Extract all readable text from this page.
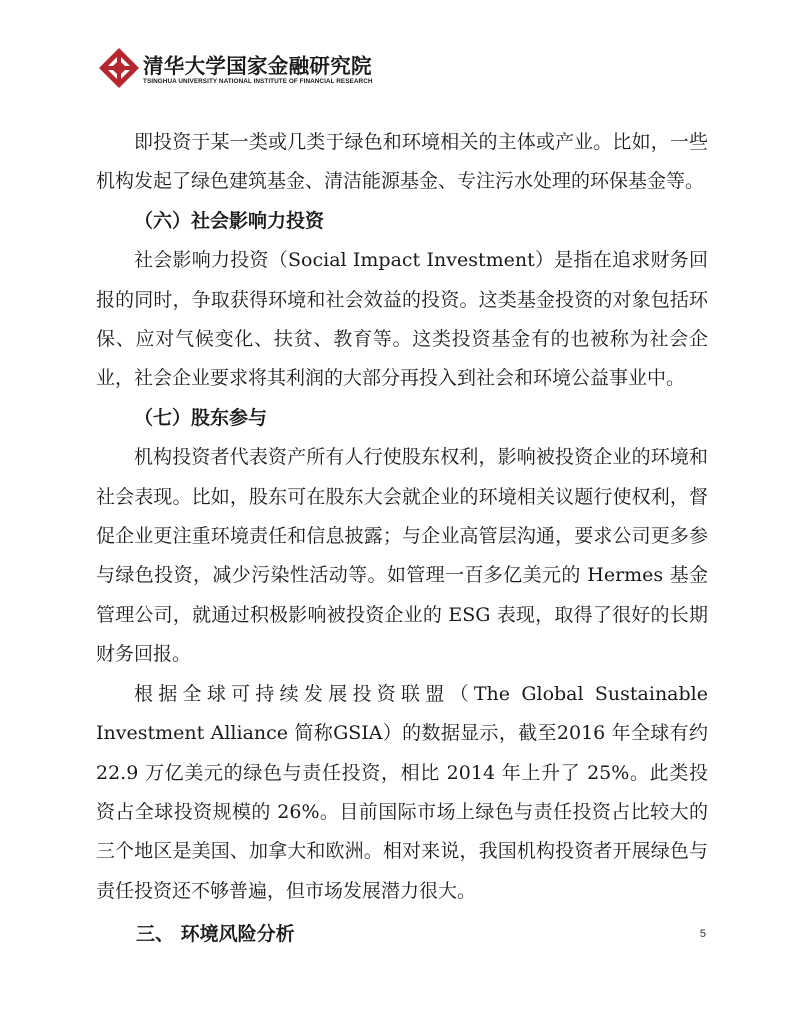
清华大学国家金融研究院
TSINGHUA UNIVERSITY NATIONAL INSTITUTE OF FINANCIAL RESEARCH

即投资于某一类或几类于绿色和环境相关的主体或产业。比如，一些机构发起了绿色建筑基金、清洁能源基金、专注污水处理的环保基金等。

（六）社会影响力投资

社会影响力投资（Social Impact Investment）是指在追求财务回报的同时，争取获得环境和社会效益的投资。这类基金投资的对象包括环保、应对气候变化、扶贫、教育等。这类投资基金有的也被称为社会企业，社会企业要求将其利润的大部分再投入到社会和环境公益事业中。

（七）股东参与

机构投资者代表资产所有人行使股东权利，影响被投资企业的环境和社会表现。比如，股东可在股东大会就企业的环境相关议题行使权利，督促企业更注重环境责任和信息披露；与企业高管层沟通，要求公司更多参与绿色投资，减少污染性活动等。如管理一百多亿美元的 Hermes 基金管理公司，就通过积极影响被投资企业的 ESG 表现，取得了很好的长期财务回报。

根据全球可持续发展投资联盟（The Global Sustainable Investment Alliance 简称GSIA）的数据显示，截至2016 年全球有约22.9 万亿美元的绿色与责任投资，相比 2014 年上升了 25%。此类投资占全球投资规模的 26%。目前国际市场上绿色与责任投资占比较大的三个地区是美国、加拿大和欧洲。相对来说，我国机构投资者开展绿色与责任投资还不够普遍，但市场发展潜力很大。

三、 环境风险分析	5
